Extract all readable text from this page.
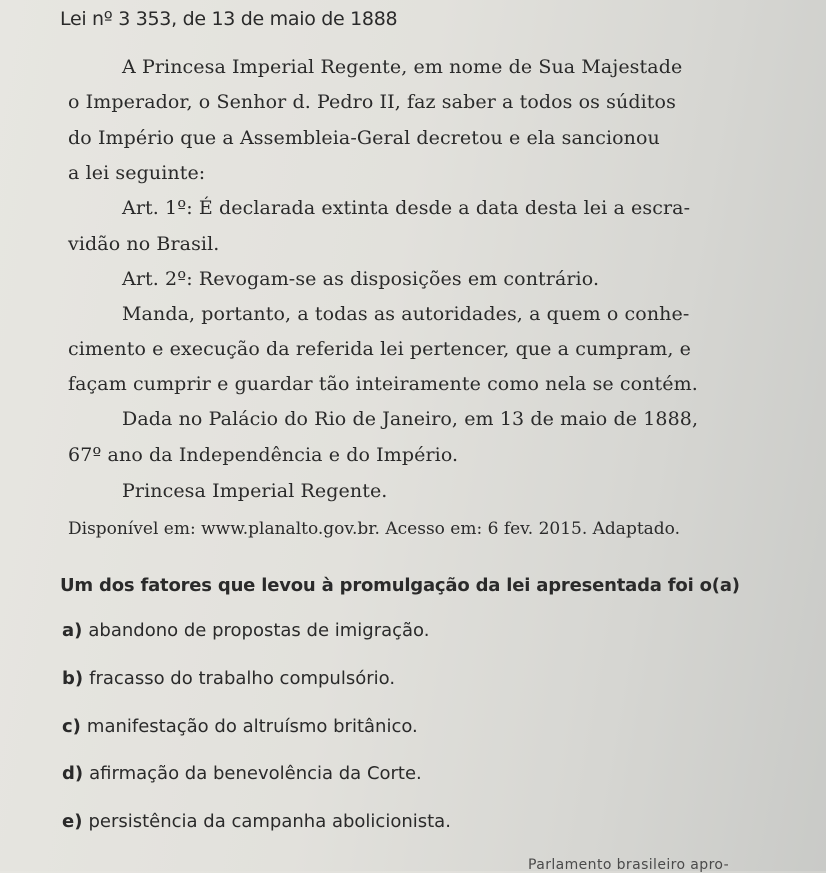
Lei nº 3 353, de 13 de maio de 1888
A Princesa Imperial Regente, em nome de Sua Majestade
o Imperador, o Senhor d. Pedro II, faz saber a todos os súditos
do Império que a Assembleia-Geral decretou e ela sancionou
a lei seguinte:
Art. 1º: É declarada extinta desde a data desta lei a escra-
vidão no Brasil.
Art. 2º: Revogam-se as disposições em contrário.
Manda, portanto, a todas as autoridades, a quem o conhe-
cimento e execução da referida lei pertencer, que a cumpram, e
façam cumprir e guardar tão inteiramente como nela se contém.
Dada no Palácio do Rio de Janeiro, em 13 de maio de 1888,
67º ano da Independência e do Império.
Princesa Imperial Regente.
Disponível em: www.planalto.gov.br. Acesso em: 6 fev. 2015. Adaptado.
Um dos fatores que levou à promulgação da lei apresentada foi o(a)
a) abandono de propostas de imigração.
b) fracasso do trabalho compulsório.
c) manifestação do altruísmo britânico.
d) afirmação da benevolência da Corte.
e) persistência da campanha abolicionista.
Parlamento brasileiro apro-
